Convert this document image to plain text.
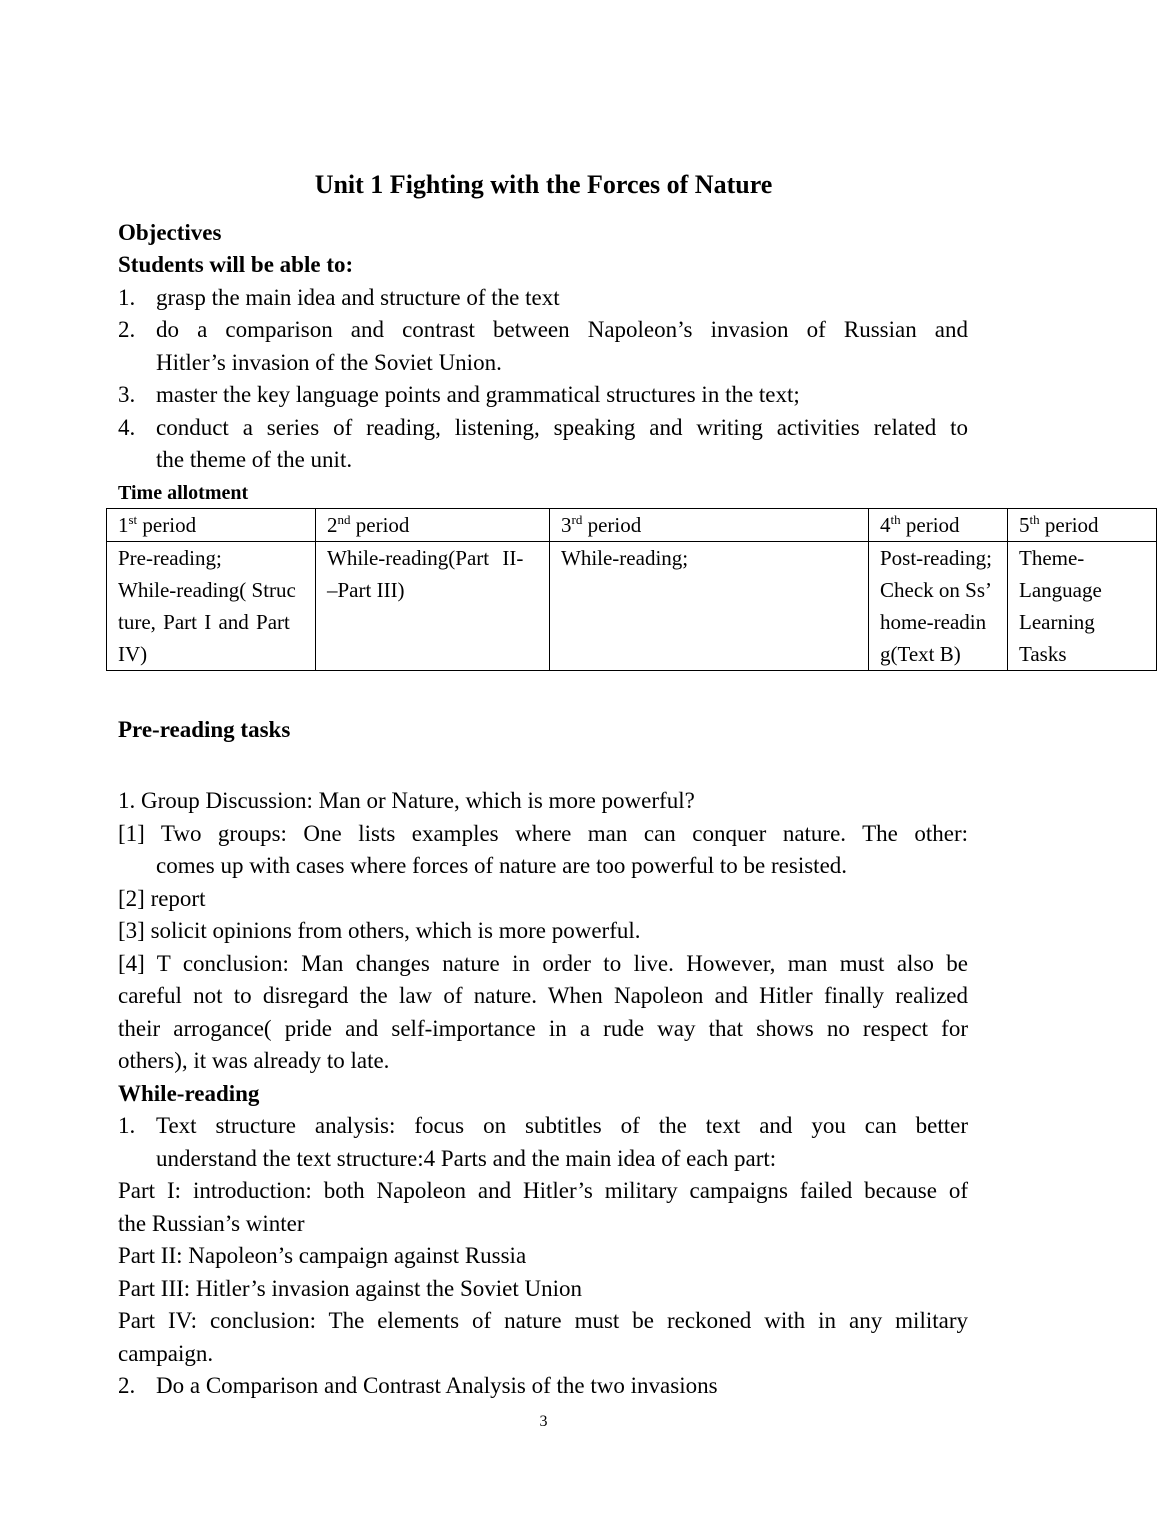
Unit 1 Fighting with the Forces of Nature
Objectives
Students will be able to:
1. grasp the main idea and structure of the text
2. do a comparison and contrast between Napoleon’s invasion of Russian and
Hitler’s invasion of the Soviet Union.
3. master the key language points and grammatical structures in the text;
4. conduct a series of reading, listening, speaking and writing activities related to
the theme of the unit.
Time allotment
1st period	2nd period	3rd period	4th period	5th period

Pre-reading;
While-reading( Struc
ture, Part I and Part
IV)	While-reading(Part II-
–Part III)	While-reading;	Post-reading;
Check on Ss’
home-readin
g(Text B)	Theme-
Language
Learning
Tasks
Pre-reading tasks
1. Group Discussion: Man or Nature, which is more powerful?
[1] Two groups: One lists examples where man can conquer nature. The other:
comes up with cases where forces of nature are too powerful to be resisted.
[2] report
[3] solicit opinions from others, which is more powerful.
[4] T conclusion: Man changes nature in order to live. However, man must also be
careful not to disregard the law of nature. When Napoleon and Hitler finally realized
their arrogance( pride and self-importance in a rude way that shows no respect for
others), it was already to late.
While-reading
1. Text structure analysis: focus on subtitles of the text and you can better
understand the text structure:4 Parts and the main idea of each part:
Part I: introduction: both Napoleon and Hitler’s military campaigns failed because of
the Russian’s winter
Part II: Napoleon’s campaign against Russia
Part III: Hitler’s invasion against the Soviet Union
Part IV: conclusion: The elements of nature must be reckoned with in any military
campaign.
2. Do a Comparison and Contrast Analysis of the two invasions
3
